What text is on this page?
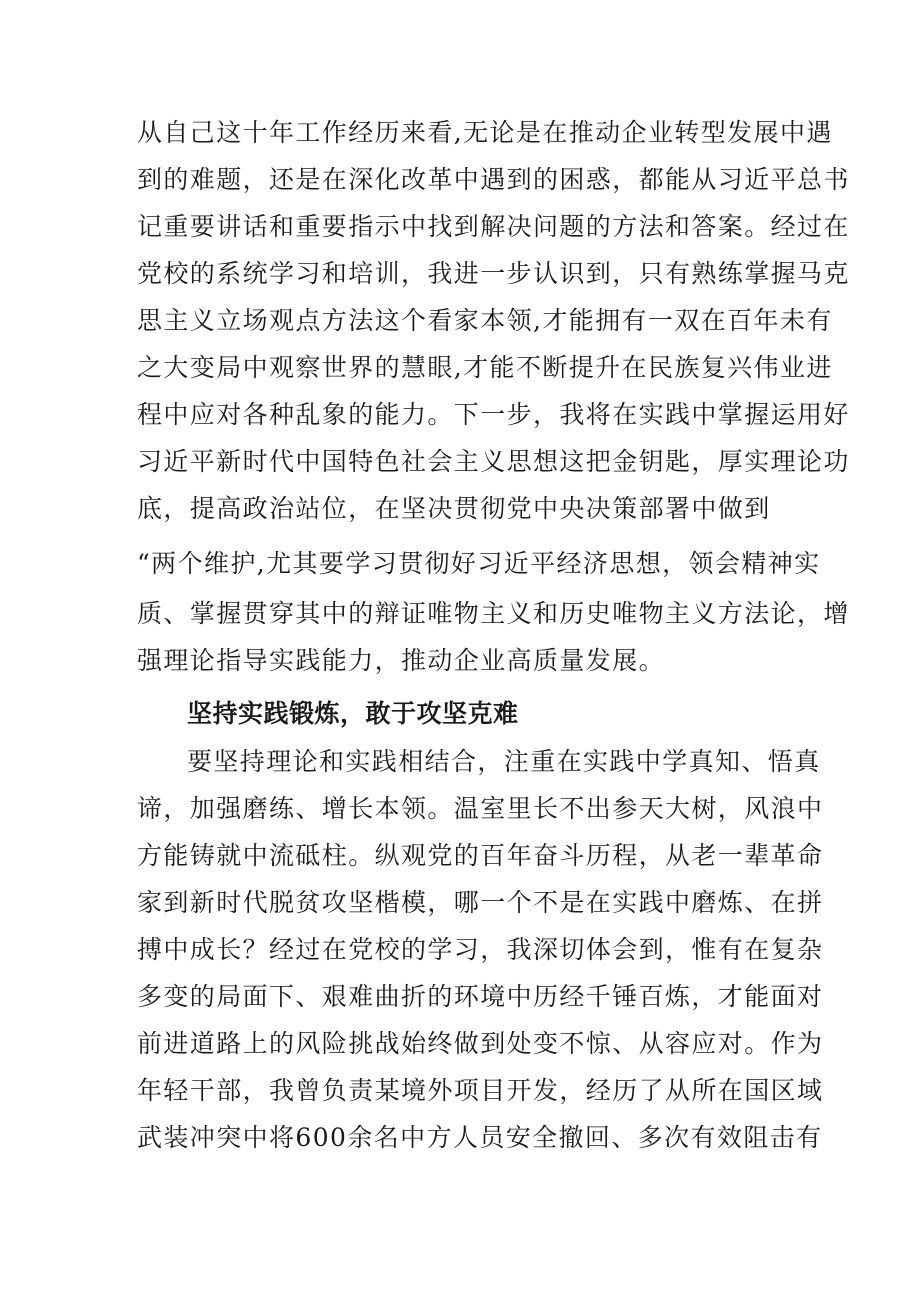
从自己这十年工作经历来看,无论是在推动企业转型发展中遇
到的难题，还是在深化改革中遇到的困惑，都能从习近平总书
记重要讲话和重要指示中找到解决问题的方法和答案。经过在
党校的系统学习和培训，我进一步认识到，只有熟练掌握马克
思主义立场观点方法这个看家本领,才能拥有一双在百年未有
之大变局中观察世界的慧眼,才能不断提升在民族复兴伟业进
程中应对各种乱象的能力。下一步，我将在实践中掌握运用好
习近平新时代中国特色社会主义思想这把金钥匙，厚实理论功
底，提高政治站位，在坚决贯彻党中央决策部署中做到
“两个维护,尤其要学习贯彻好习近平经济思想，领会精神实
质、掌握贯穿其中的辩证唯物主义和历史唯物主义方法论，增
强理论指导实践能力，推动企业高质量发展。
坚持实践锻炼，敢于攻坚克难
要坚持理论和实践相结合，注重在实践中学真知、悟真
谛，加强磨练、增长本领。温室里长不出参天大树，风浪中
方能铸就中流砥柱。纵观党的百年奋斗历程，从老一辈革命
家到新时代脱贫攻坚楷模，哪一个不是在实践中磨炼、在拼
搏中成长？经过在党校的学习，我深切体会到，惟有在复杂
多变的局面下、艰难曲折的环境中历经千锤百炼，才能面对
前进道路上的风险挑战始终做到处变不惊、从容应对。作为
年轻干部，我曾负责某境外项目开发，经历了从所在国区域
武装冲突中将600余名中方人员安全撤回、多次有效阻击有
